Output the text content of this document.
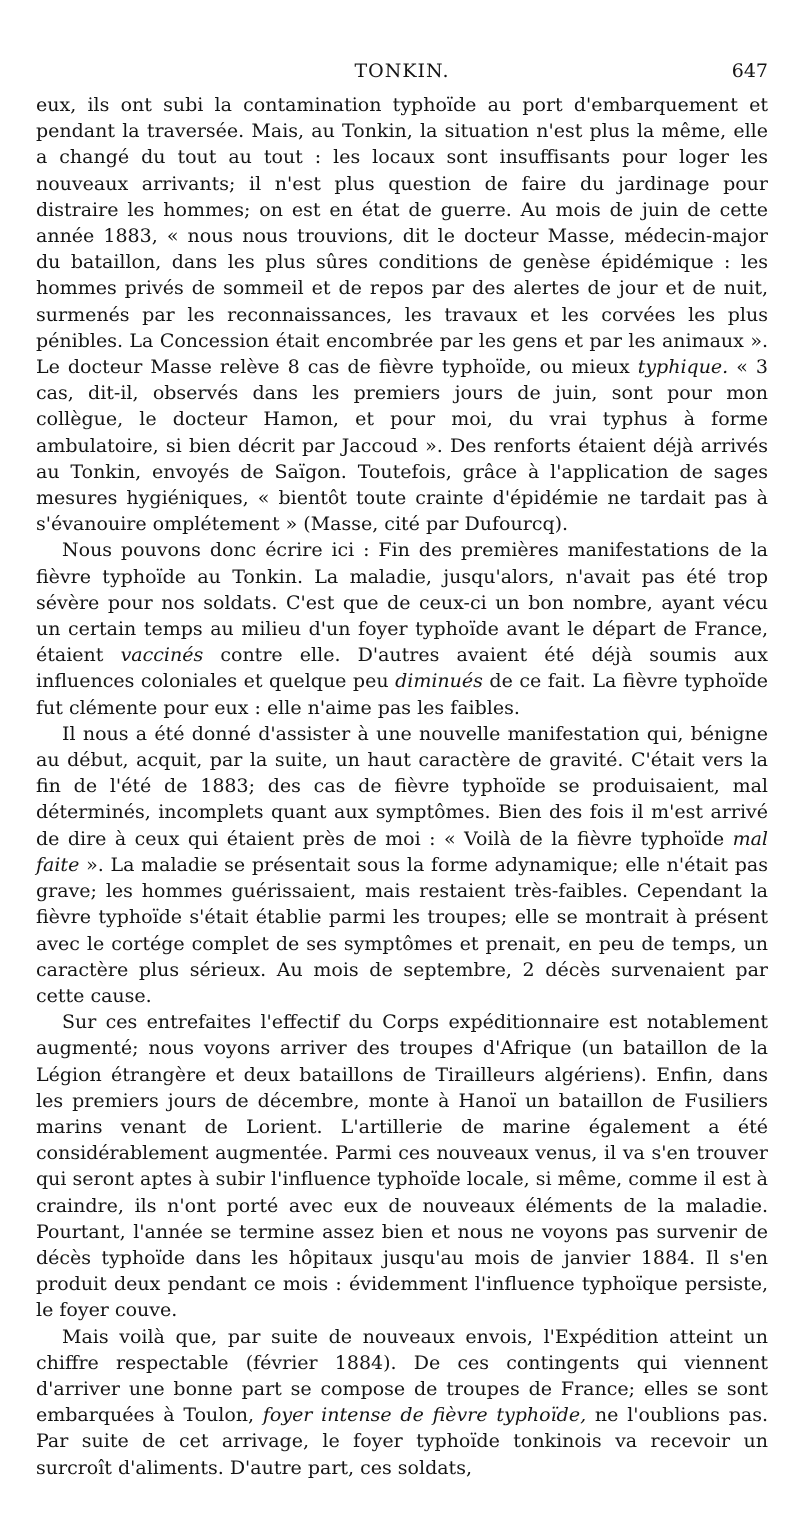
TONKIN.	647

eux, ils ont subi la contamination typhoïde au port d'embarquement et pendant la traversée. Mais, au Tonkin, la situation n'est plus la même, elle a changé du tout au tout : les locaux sont insuffisants pour loger les nouveaux arrivants; il n'est plus question de faire du jardinage pour distraire les hommes; on est en état de guerre. Au mois de juin de cette année 1883, « nous nous trouvions, dit le docteur Masse, médecin-major du bataillon, dans les plus sûres conditions de genèse épidémique : les hommes privés de sommeil et de repos par des alertes de jour et de nuit, surmenés par les reconnaissances, les travaux et les corvées les plus pénibles. La Concession était encombrée par les gens et par les animaux ». Le docteur Masse relève 8 cas de fièvre typhoïde, ou mieux typhique. « 3 cas, dit-il, observés dans les premiers jours de juin, sont pour mon collègue, le docteur Hamon, et pour moi, du vrai typhus à forme ambulatoire, si bien décrit par Jaccoud ». Des renforts étaient déjà arrivés au Tonkin, envoyés de Saïgon. Toutefois, grâce à l'application de sages mesures hygiéniques, « bientôt toute crainte d'épidémie ne tardait pas à s'évanouire omplétement » (Masse, cité par Dufourcq).

Nous pouvons donc écrire ici : Fin des premières manifestations de la fièvre typhoïde au Tonkin. La maladie, jusqu'alors, n'avait pas été trop sévère pour nos soldats. C'est que de ceux-ci un bon nombre, ayant vécu un certain temps au milieu d'un foyer typhoïde avant le départ de France, étaient vaccinés contre elle. D'autres avaient été déjà soumis aux influences coloniales et quelque peu diminués de ce fait. La fièvre typhoïde fut clémente pour eux : elle n'aime pas les faibles.

Il nous a été donné d'assister à une nouvelle manifestation qui, bénigne au début, acquit, par la suite, un haut caractère de gravité. C'était vers la fin de l'été de 1883; des cas de fièvre typhoïde se produisaient, mal déterminés, incomplets quant aux symptômes. Bien des fois il m'est arrivé de dire à ceux qui étaient près de moi : « Voilà de la fièvre typhoïde mal faite ». La maladie se présentait sous la forme adynamique; elle n'était pas grave; les hommes guérissaient, mais restaient très-faibles. Cependant la fièvre typhoïde s'était établie parmi les troupes; elle se montrait à présent avec le cortége complet de ses symptômes et prenait, en peu de temps, un caractère plus sérieux. Au mois de septembre, 2 décès survenaient par cette cause.

Sur ces entrefaites l'effectif du Corps expéditionnaire est notablement augmenté; nous voyons arriver des troupes d'Afrique (un bataillon de la Légion étrangère et deux bataillons de Tirailleurs algériens). Enfin, dans les premiers jours de décembre, monte à Hanoï un bataillon de Fusiliers marins venant de Lorient. L'artillerie de marine également a été considérablement augmentée. Parmi ces nouveaux venus, il va s'en trouver qui seront aptes à subir l'influence typhoïde locale, si même, comme il est à craindre, ils n'ont porté avec eux de nouveaux éléments de la maladie. Pourtant, l'année se termine assez bien et nous ne voyons pas survenir de décès typhoïde dans les hôpitaux jusqu'au mois de janvier 1884. Il s'en produit deux pendant ce mois : évidemment l'influence typhoïque persiste, le foyer couve.

Mais voilà que, par suite de nouveaux envois, l'Expédition atteint un chiffre respectable (février 1884). De ces contingents qui viennent d'arriver une bonne part se compose de troupes de France; elles se sont embarquées à Toulon, foyer intense de fièvre typhoïde, ne l'oublions pas. Par suite de cet arrivage, le foyer typhoïde tonkinois va recevoir un surcroît d'aliments. D'autre part, ces soldats,
